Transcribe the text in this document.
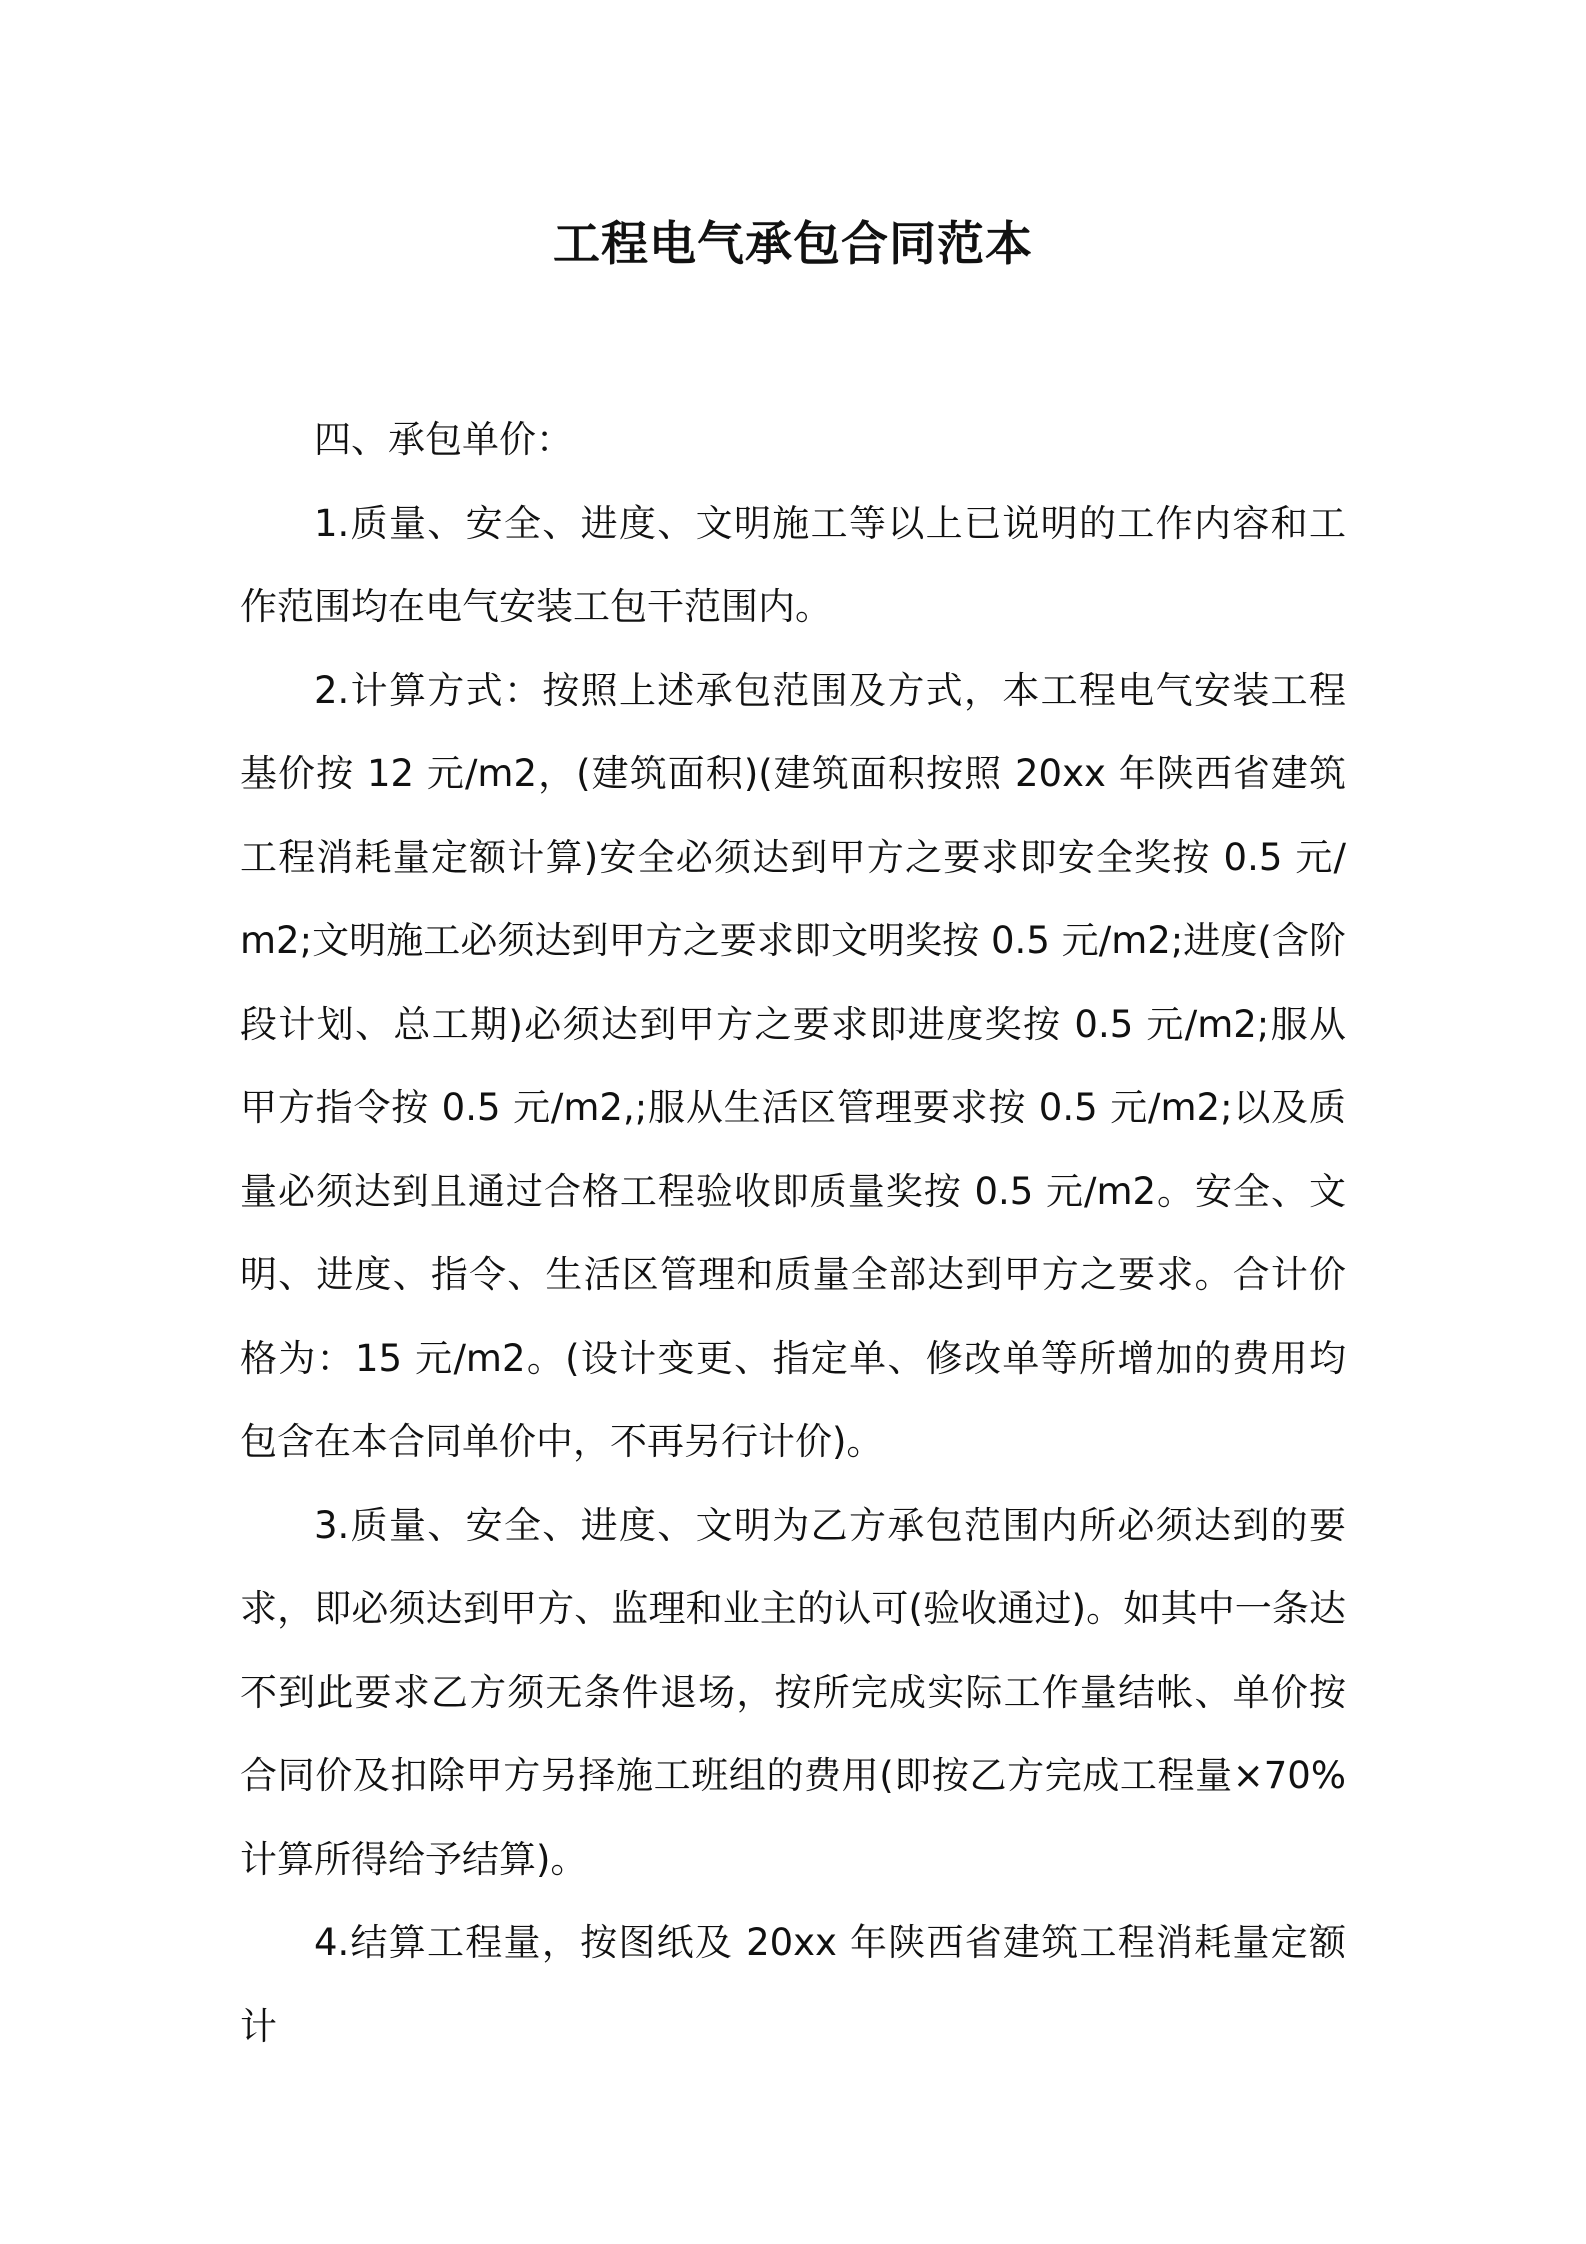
工程电气承包合同范本

四、承包单价：

1.质量、安全、进度、文明施工等以上已说明的工作内容和工作范围均在电气安装工包干范围内。

2.计算方式：按照上述承包范围及方式，本工程电气安装工程基价按 12 元/m2，(建筑面积)(建筑面积按照 20xx 年陕西省建筑工程消耗量定额计算)安全必须达到甲方之要求即安全奖按 0.5 元/m2;文明施工必须达到甲方之要求即文明奖按 0.5 元/m2;进度(含阶段计划、总工期)必须达到甲方之要求即进度奖按 0.5 元/m2;服从甲方指令按 0.5 元/m2,;服从生活区管理要求按 0.5 元/m2;以及质量必须达到且通过合格工程验收即质量奖按 0.5 元/m2。安全、文明、进度、指令、生活区管理和质量全部达到甲方之要求。合计价格为：15 元/m2。(设计变更、指定单、修改单等所增加的费用均包含在本合同单价中，不再另行计价)。

3.质量、安全、进度、文明为乙方承包范围内所必须达到的要求，即必须达到甲方、监理和业主的认可(验收通过)。如其中一条达不到此要求乙方须无条件退场，按所完成实际工作量结帐、单价按合同价及扣除甲方另择施工班组的费用(即按乙方完成工程量×70%计算所得给予结算)。

4.结算工程量，按图纸及 20xx 年陕西省建筑工程消耗量定额计
